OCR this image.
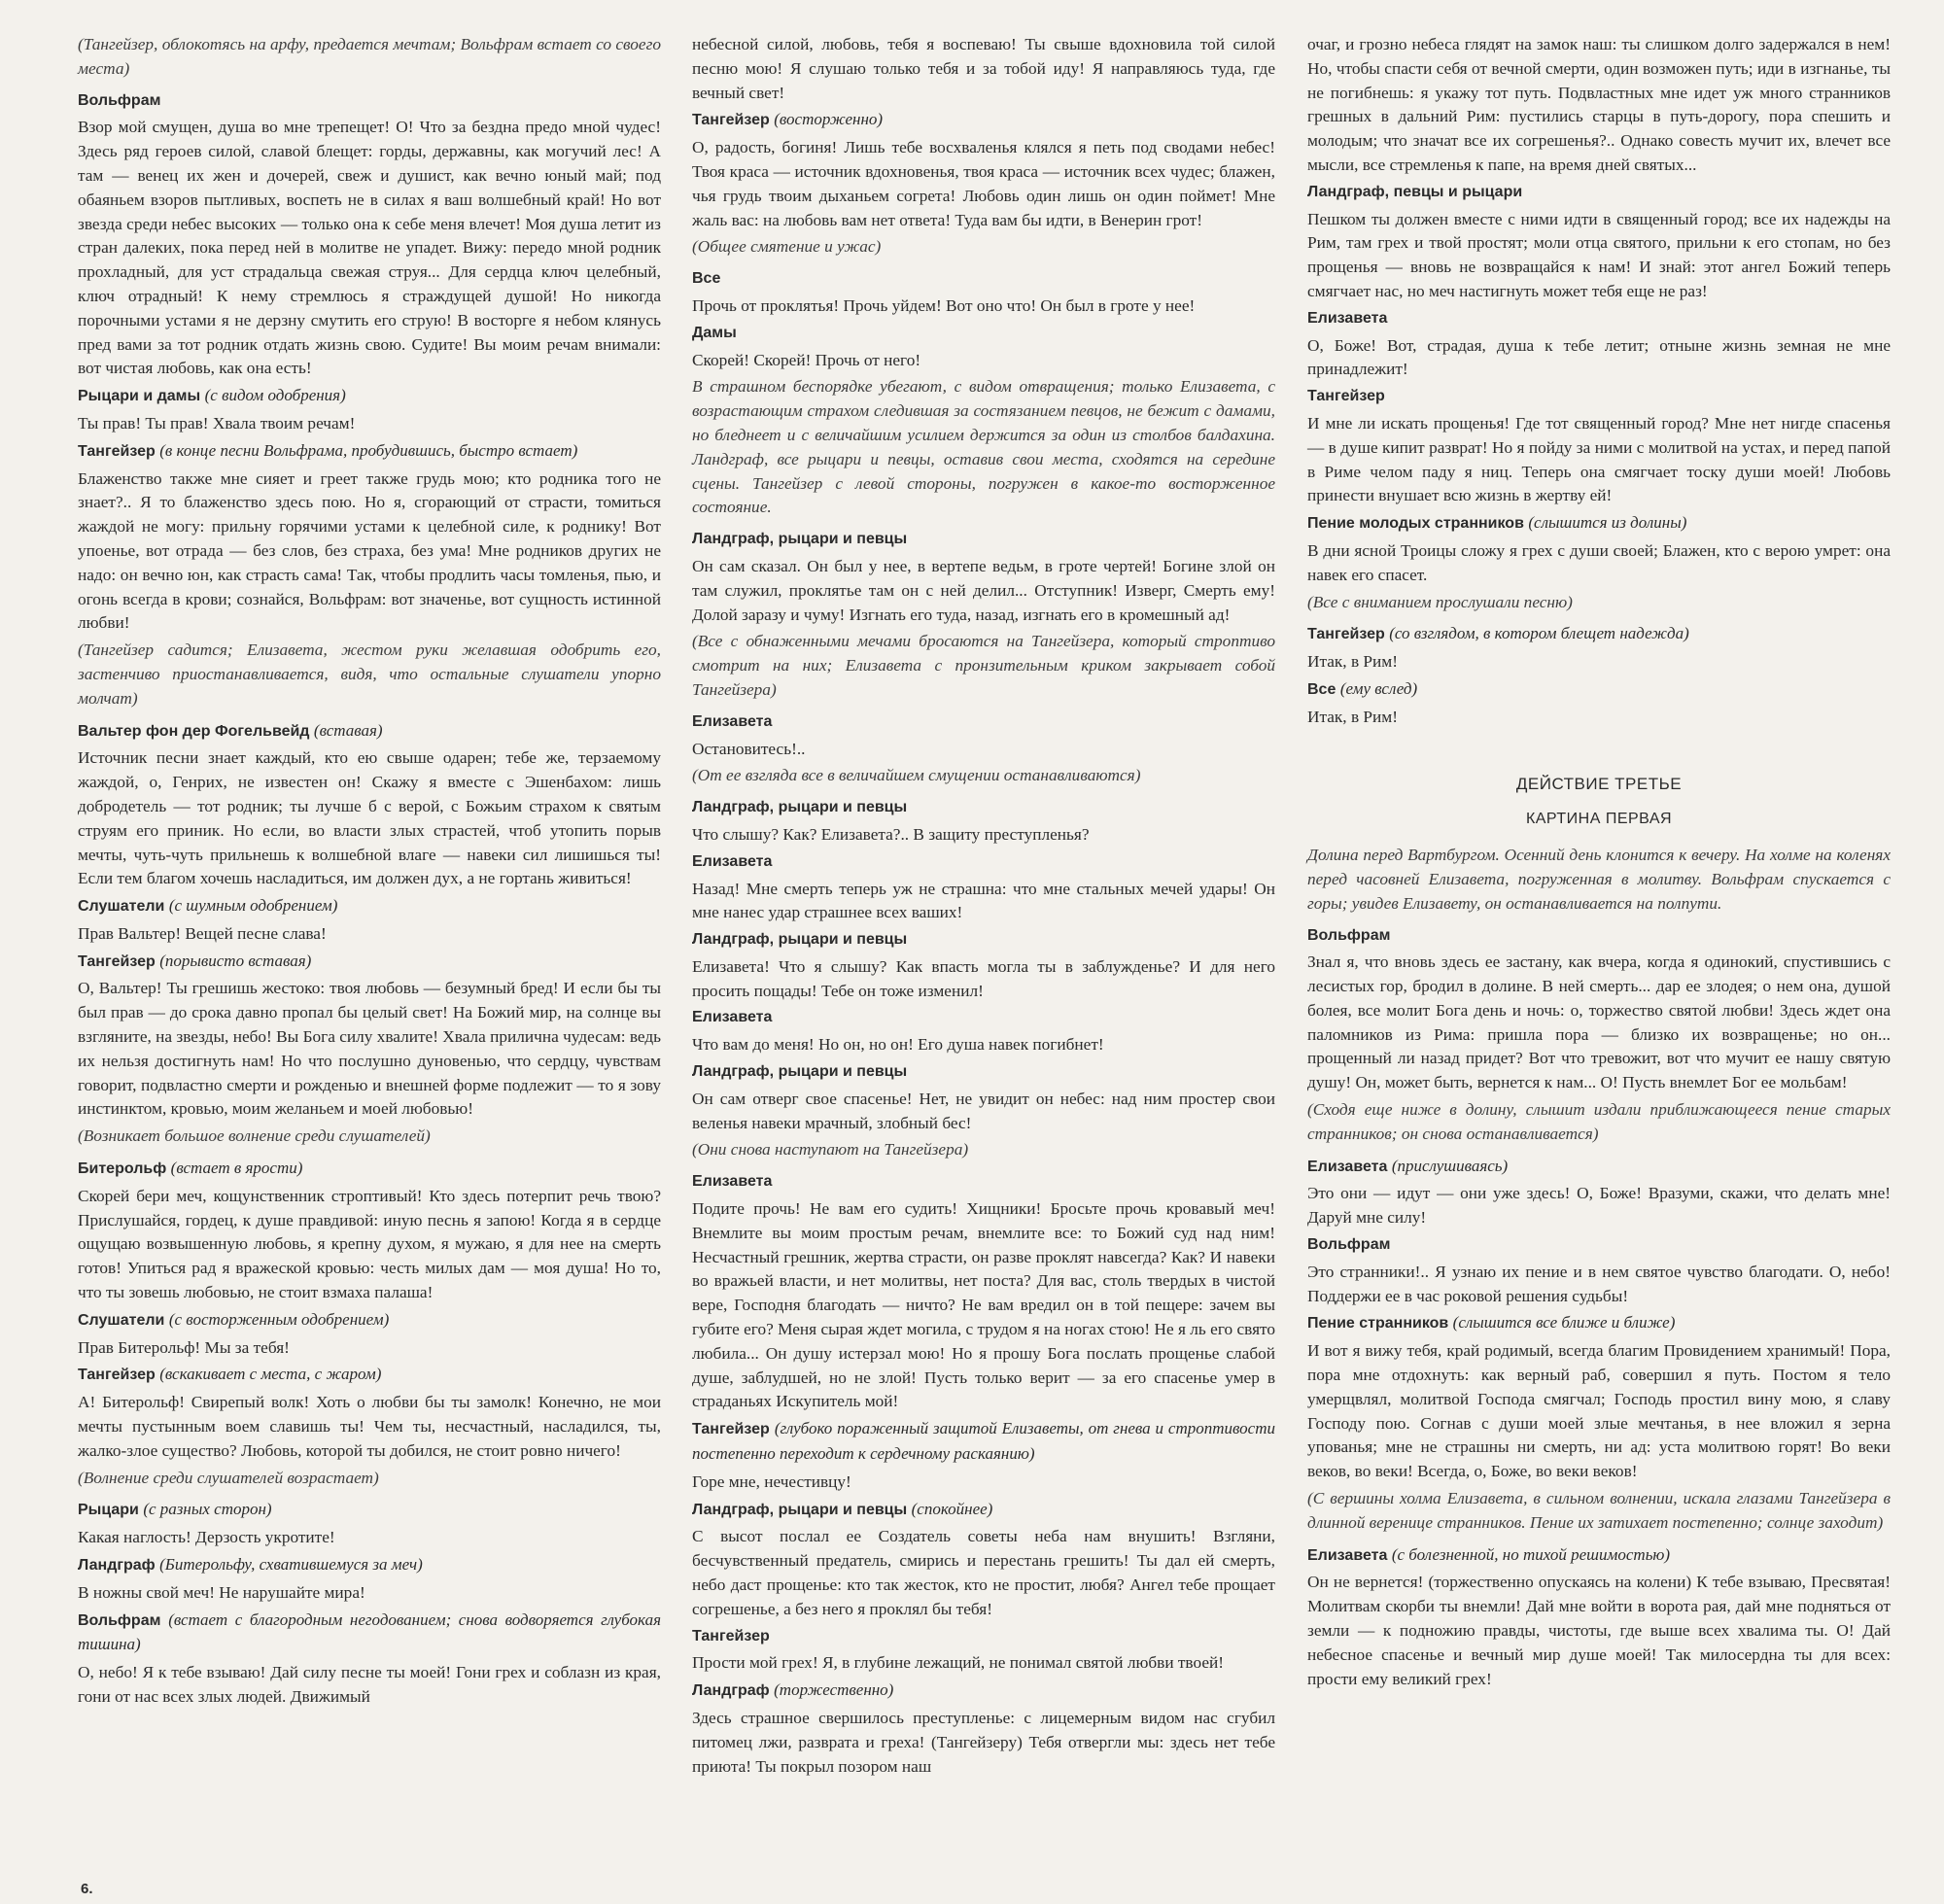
(Тангейзер, облокотясь на арфу, предается мечтам; Вольфрам встает со своего места)

Вольфрам

Взор мой смущен, душа во мне трепещет! О! Что за бездна предо мной чудес! Здесь ряд героев силой, славой блещет: горды, державны, как могучий лес! А там — венец их жен и дочерей, свеж и душист, как вечно юный май; под обаяньем взоров пытливых, воспеть не в силах я ваш волшебный край! Но вот звезда среди небес высоких — только она к себе меня влечет! Моя душа летит из стран далеких, пока перед ней в молитве не упадет. Вижу: передо мной родник прохладный, для уст страдальца свежая струя... Для сердца ключ целебный, ключ отрадный! К нему стремлюсь я страждущей душой! Но никогда порочными устами я не дерзну смутить его струю! В восторге я небом клянусь пред вами за тот родник отдать жизнь свою. Судите! Вы моим речам внимали: вот чистая любовь, как она есть!

Рыцари и дамы (с видом одобрения)

Ты прав! Ты прав! Хвала твоим речам!

Тангейзер (в конце песни Вольфрама, пробудившись, быстро встает)

Блаженство также мне сияет и греет также грудь мою; кто родника того не знает?.. Я то блаженство здесь пою. Но я, сгорающий от страсти, томиться жаждой не могу: прильну горячими устами к целебной силе, к роднику! Вот упоенье, вот отрада — без слов, без страха, без ума! Мне родников других не надо: он вечно юн, как страсть сама! Так, чтобы продлить часы томленья, пью, и огонь всегда в крови; сознайся, Вольфрам: вот значенье, вот сущность истинной любви!

(Тангейзер садится; Елизавета, жестом руки желавшая одобрить его, застенчиво приостанавливается, видя, что остальные слушатели упорно молчат)

Вальтер фон дер Фогельвейд (вставая)

Источник песни знает каждый, кто ею свыше одарен; тебе же, терзаемому жаждой, о, Генрих, не известен он! Скажу я вместе с Эшенбахом: лишь добродетель — тот родник; ты лучше б с верой, с Божьим страхом к святым струям его приник. Но если, во власти злых страстей, чтоб утопить порыв мечты, чуть-чуть прильнешь к волшебной влаге — навеки сил лишишься ты! Если тем благом хочешь насладиться, им должен дух, а не гортань живиться!

Слушатели (с шумным одобрением)

Прав Вальтер! Вещей песне слава!

Тангейзер (порывисто вставая)

О, Вальтер! Ты грешишь жестоко: твоя любовь — безумный бред! И если бы ты был прав — до срока давно пропал бы целый свет! На Божий мир, на солнце вы взгляните, на звезды, небо! Вы Бога силу хвалите! Хвала прилична чудесам: ведь их нельзя достигнуть нам! Но что послушно дуновенью, что сердцу, чувствам говорит, подвластно смерти и рожденью и внешней форме подлежит — то я зову инстинктом, кровью, моим желаньем и моей любовью!

(Возникает большое волнение среди слушателей)

Битерольф (встает в ярости)

Скорей бери меч, кощунственник строптивый! Кто здесь потерпит речь твою? Прислушайся, гордец, к душе правдивой: иную песнь я запою! Когда я в сердце ощущаю возвышенную любовь, я крепну духом, я мужаю, я для нее на смерть готов! Упиться рад я вражеской кровью: честь милых дам — моя душа! Но то, что ты зовешь любовью, не стоит взмаха палаша!

Слушатели (с восторженным одобрением)

Прав Битерольф! Мы за тебя!

Тангейзер (вскакивает с места, с жаром)

А! Битерольф! Свирепый волк! Хоть о любви бы ты замолк! Конечно, не мои мечты пустынным воем славишь ты! Чем ты, несчастный, насладился, ты, жалко-злое существо? Любовь, которой ты добился, не стоит ровно ничего!

(Волнение среди слушателей возрастает)

Рыцари (с разных сторон)

Какая наглость! Дерзость укротите!

Ландграф (Битерольфу, схватившемуся за меч)

В ножны свой меч! Не нарушайте мира!

Вольфрам (встает с благородным негодованием; снова водворяется глубокая тишина)

О, небо! Я к тебе взываю! Дай силу песне ты моей! Гони грех и соблазн из края, гони от нас всех злых людей. Движимый

небесной силой, любовь, тебя я воспеваю! Ты свыше вдохновила той силой песню мою! Я слушаю только тебя и за тобой иду! Я направляюсь туда, где вечный свет!

Тангейзер (восторженно)

О, радость, богиня! Лишь тебе восхваленья клялся я петь под сводами небес! Твоя краса — источник вдохновенья, твоя краса — источник всех чудес; блажен, чья грудь твоим дыханьем согрета! Любовь один лишь он один поймет! Мне жаль вас: на любовь вам нет ответа! Туда вам бы идти, в Венерин грот!

(Общее смятение и ужас)

Все

Прочь от проклятья! Прочь уйдем! Вот оно что! Он был в гроте у нее!

Дамы

Скорей! Скорей! Прочь от него!

В страшном беспорядке убегают, с видом отвращения; только Елизавета, с возрастающим страхом следившая за состязанием певцов, не бежит с дамами, но бледнеет и с величайшим усилием держится за один из столбов балдахина. Ландграф, все рыцари и певцы, оставив свои места, сходятся на середине сцены. Тангейзер с левой стороны, погружен в какое-то восторженное состояние.

Ландграф, рыцари и певцы

Он сам сказал. Он был у нее, в вертепе ведьм, в гроте чертей! Богине злой он там служил, проклятье там он с ней делил... Отступник! Изверг, Смерть ему! Долой заразу и чуму! Изгнать его туда, назад, изгнать его в кромешный ад!

(Все с обнаженными мечами бросаются на Тангейзера, который строптиво смотрит на них; Елизавета с пронзительным криком закрывает собой Тангейзера)

Елизавета

Остановитесь!..

(От ее взгляда все в величайшем смущении останавливаются)

Ландграф, рыцари и певцы

Что слышу? Как? Елизавета?.. В защиту преступленья?

Елизавета

Назад! Мне смерть теперь уж не страшна: что мне стальных мечей удары! Он мне нанес удар страшнее всех ваших!

Ландграф, рыцари и певцы

Елизавета! Что я слышу? Как впасть могла ты в заблужденье? И для него просить пощады! Тебе он тоже изменил!

Елизавета

Что вам до меня! Но он, но он! Его душа навек погибнет!

Ландграф, рыцари и певцы

Он сам отверг свое спасенье! Нет, не увидит он небес: над ним простер свои веленья навеки мрачный, злобный бес!

(Они снова наступают на Тангейзера)

Елизавета

Подите прочь! Не вам его судить! Хищники! Бросьте прочь кровавый меч! Внемлите вы моим простым речам, внемлите все: то Божий суд над ним! Несчастный грешник, жертва страсти, он разве проклят навсегда? Как? И навеки во вражьей власти, и нет молитвы, нет поста? Для вас, столь твердых в чистой вере, Господня благодать — ничто? Не вам вредил он в той пещере: зачем вы губите его? Меня сырая ждет могила, с трудом я на ногах стою! Не я ль его свято любила... Он душу истерзал мою! Но я прошу Бога послать прощенье слабой душе, заблудшей, но не злой! Пусть только верит — за его спасенье умер в страданьях Искупитель мой!

Тангейзер (глубоко пораженный защитой Елизаветы, от гнева и строптивости постепенно переходит к сердечному раскаянию)

Горе мне, нечестивцу!

Ландграф, рыцари и певцы (спокойнее)

С высот послал ее Создатель советы неба нам внушить! Взгляни, бесчувственный предатель, смирись и перестань грешить! Ты дал ей смерть, небо даст прощенье: кто так жесток, кто не простит, любя? Ангел тебе прощает согрешенье, а без него я проклял бы тебя!

Тангейзер

Прости мой грех! Я, в глубине лежащий, не понимал святой любви твоей!

Ландграф (торжественно)

Здесь страшное свершилось преступленье: с лицемерным видом нас сгубил питомец лжи, разврата и греха! (Тангейзеру) Тебя отвергли мы: здесь нет тебе приюта! Ты покрыл позором наш

очаг, и грозно небеса глядят на замок наш: ты слишком долго задержался в нем! Но, чтобы спасти себя от вечной смерти, один возможен путь; иди в изгнанье, ты не погибнешь: я укажу тот путь. Подвластных мне идет уж много странников грешных в дальний Рим: пустились старцы в путь-дорогу, пора спешить и молодым; что значат все их согрешенья?.. Однако совесть мучит их, влечет все мысли, все стремленья к папе, на время дней святых...

Ландграф, певцы и рыцари

Пешком ты должен вместе с ними идти в священный город; все их надежды на Рим, там грех и твой простят; моли отца святого, прильни к его стопам, но без прощенья — вновь не возвращайся к нам! И знай: этот ангел Божий теперь смягчает нас, но меч настигнуть может тебя еще не раз!

Елизавета

О, Боже! Вот, страдая, душа к тебе летит; отныне жизнь земная не мне принадлежит!

Тангейзер

И мне ли искать прощенья! Где тот священный город? Мне нет нигде спасенья — в душе кипит разврат! Но я пойду за ними с молитвой на устах, и перед папой в Риме челом паду я ниц. Теперь она смягчает тоску души моей! Любовь принести внушает всю жизнь в жертву ей!

Пение молодых странников (слышится из долины)

В дни ясной Троицы сложу я грех с души своей; Блажен, кто с верою умрет: она навек его спасет.

(Все с вниманием прослушали песню)

Тангейзер (со взглядом, в котором блещет надежда)

Итак, в Рим!

Все (ему вслед)

Итак, в Рим!

ДЕЙСТВИЕ ТРЕТЬЕ

КАРТИНА ПЕРВАЯ

Долина перед Вартбургом. Осенний день клонится к вечеру. На холме на коленях перед часовней Елизавета, погруженная в молитву. Вольфрам спускается с горы; увидев Елизавету, он останавливается на полпути.

Вольфрам

Знал я, что вновь здесь ее застану, как вчера, когда я одинокий, спустившись с лесистых гор, бродил в долине. В ней смерть... дар ее злодея; о нем она, душой болея, все молит Бога день и ночь: о, торжество святой любви! Здесь ждет она паломников из Рима: пришла пора — близко их возвращенье; но он... прощенный ли назад придет? Вот что тревожит, вот что мучит ее нашу святую душу! Он, может быть, вернется к нам... О! Пусть внемлет Бог ее мольбам!

(Сходя еще ниже в долину, слышит издали приближающееся пение старых странников; он снова останавливается)

Елизавета (прислушиваясь)

Это они — идут — они уже здесь! О, Боже! Вразуми, скажи, что делать мне! Даруй мне силу!

Вольфрам

Это странники!.. Я узнаю их пение и в нем святое чувство благодати. О, небо! Поддержи ее в час роковой решения судьбы!

Пение странников (слышится все ближе и ближе)

И вот я вижу тебя, край родимый, всегда благим Провидением хранимый! Пора, пора мне отдохнуть: как верный раб, совершил я путь. Постом я тело умерщвлял, молитвой Господа смягчал; Господь простил вину мою, я славу Господу пою. Согнав с души моей злые мечтанья, в нее вложил я зерна упованья; мне не страшны ни смерть, ни ад: уста молитвою горят! Во веки веков, во веки! Всегда, о, Боже, во веки веков!

(С вершины холма Елизавета, в сильном волнении, искала глазами Тангейзера в длинной веренице странников. Пение их затихает постепенно; солнце заходит)

Елизавета (с болезненной, но тихой решимостью)

Он не вернется! (торжественно опускаясь на колени) К тебе взываю, Пресвятая! Молитвам скорби ты внемли! Дай мне войти в ворота рая, дай мне подняться от земли — к подножию правды, чистоты, где выше всех хвалима ты. О! Дай небесное спасенье и вечный мир душе моей! Так милосердна ты для всех: прости ему великий грех!

6.
